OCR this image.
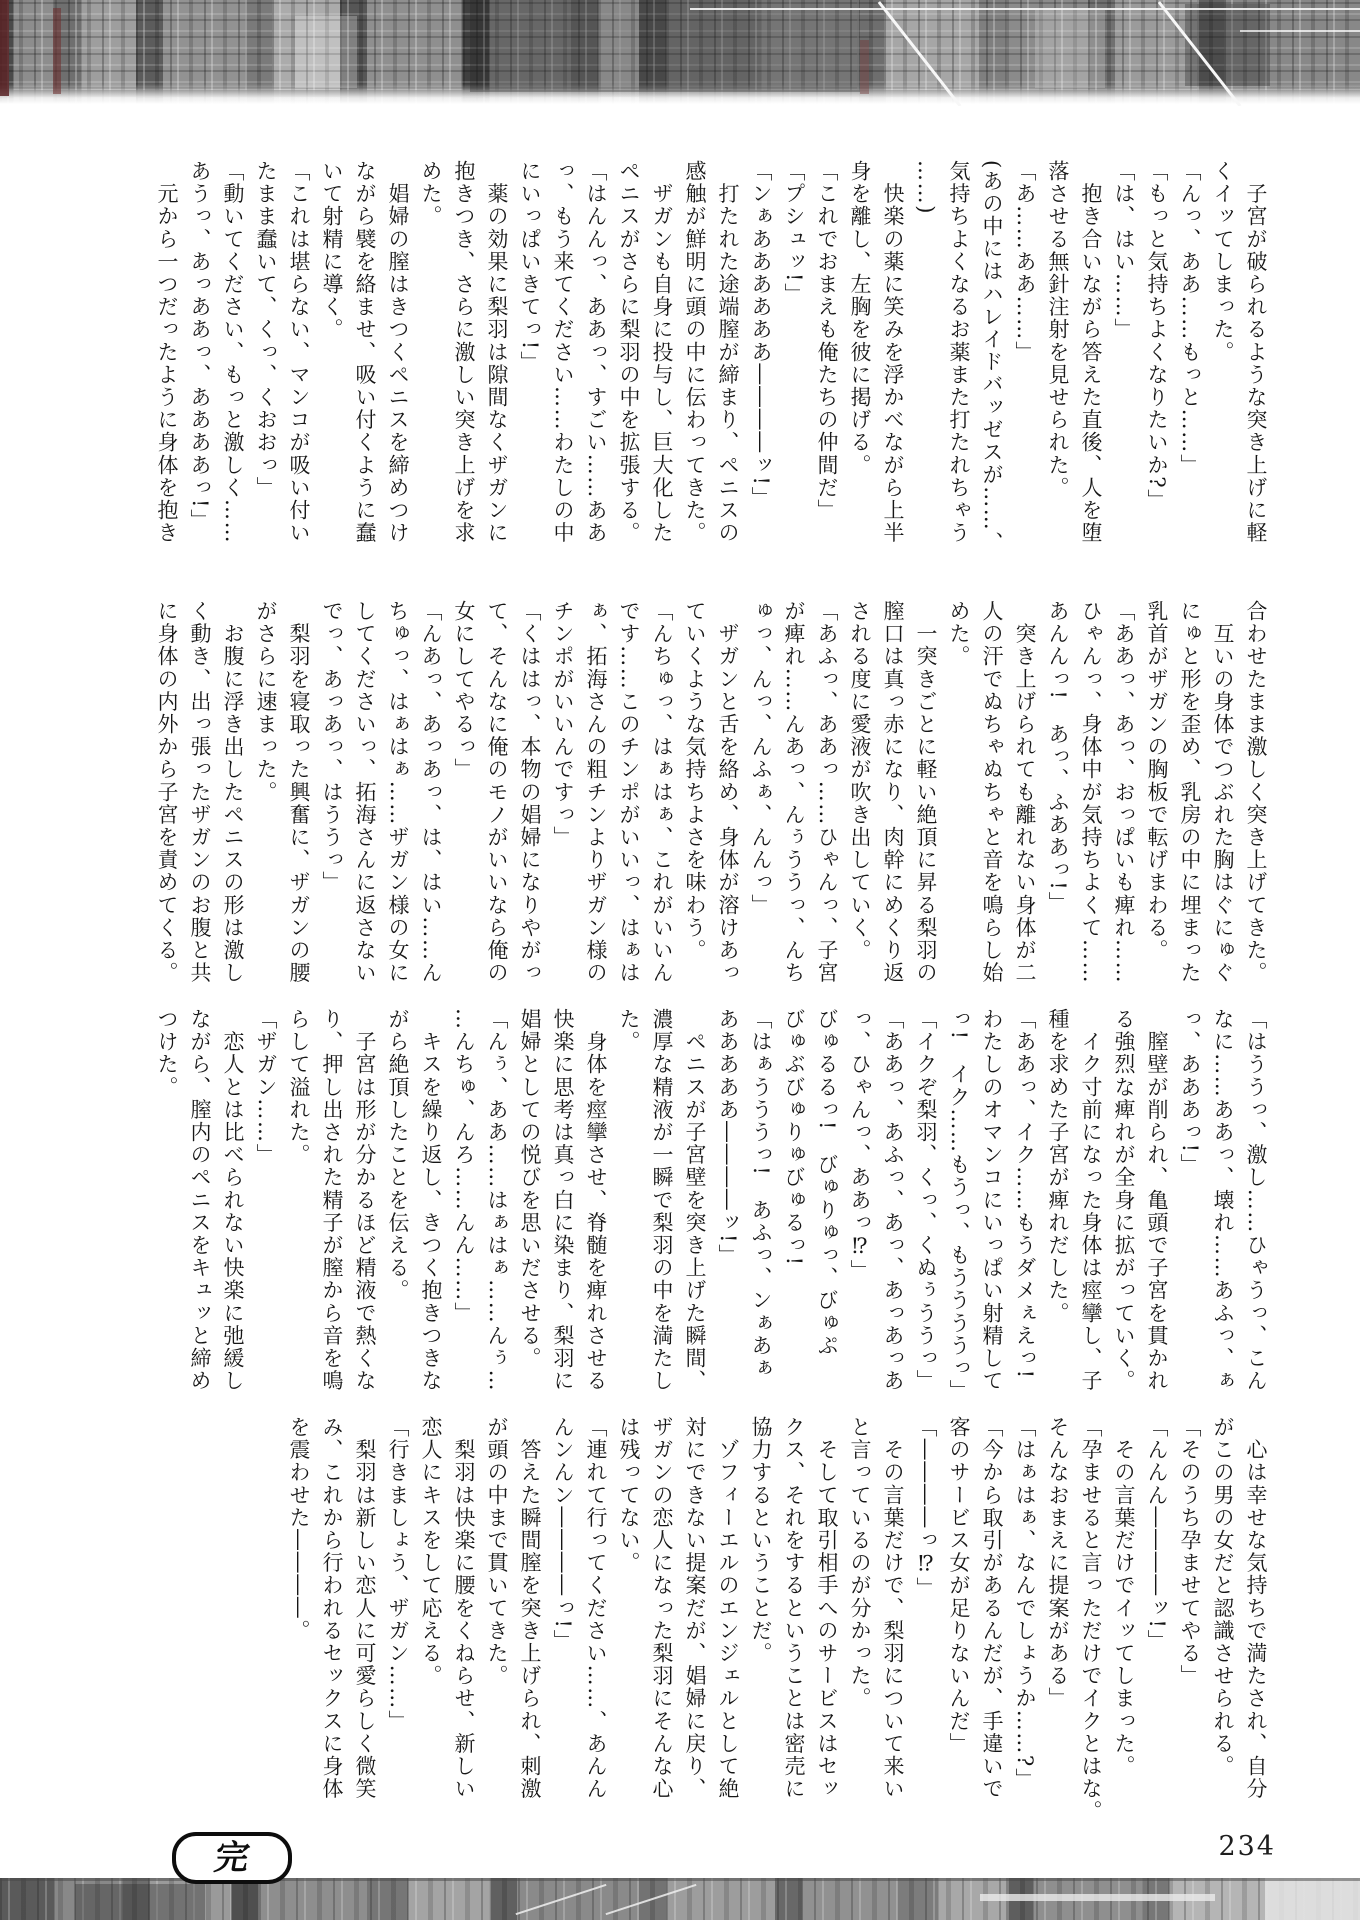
　子宮が破られるような突き上げに軽
くイッてしまった。
「んっ、ああ……もっと……」
「もっと気持ちよくなりたいか?」
「は、はい……」
　抱き合いながら答えた直後、人を堕
落させる無針注射を見せられた。
「あ……ああ……」
(あの中にはハレイドバッゼスが……、
気持ちよくなるお薬また打たれちゃう
……)
　快楽の薬に笑みを浮かべながら上半
身を離し、左胸を彼に掲げる。
「これでおまえも俺たちの仲間だ」
「プシュッ!」
「ンぁああああああ――――ッ!」
　打たれた途端膣が締まり、ペニスの
感触が鮮明に頭の中に伝わってきた。
　ザガンも自身に投与し、巨大化した
ペニスがさらに梨羽の中を拡張する。
「はんんっ、ああっ、すごい……ああ
っ、もう来てください……わたしの中
にいっぱいきてっ!」
　薬の効果に梨羽は隙間なくザガンに
抱きつき、さらに激しい突き上げを求
めた。
　娼婦の膣はきつくペニスを締めつけ
ながら襞を絡ませ、吸い付くように蠢
いて射精に導く。
「これは堪らない、マンコが吸い付い
たまま蠢いて、くっ、くおおっ」
「動いてください、もっと激しく……
あうっ、あっああっ、ああああっ!」
　元から一つだったように身体を抱き
合わせたまま激しく突き上げてきた。
　互いの身体でつぶれた胸はぐにゅぐ
にゅと形を歪め、乳房の中に埋まった
乳首がザガンの胸板で転げまわる。
「ああっ、あっ、おっぱいも痺れ……
ひゃんっ、身体中が気持ちよくて……
あんんっ!　あっ、ふああっ!」
　突き上げられても離れない身体が二
人の汗でぬちゃぬちゃと音を鳴らし始
めた。
　一突きごとに軽い絶頂に昇る梨羽の
膣口は真っ赤になり、肉幹にめくり返
される度に愛液が吹き出していく。
「あふっ、ああっ……ひゃんっ、子宮
が痺れ……んあっ、んぅううっ、んち
ゅっ、んっ、んふぁ、んんっ」
　ザガンと舌を絡め、身体が溶けあっ
ていくような気持ちよさを味わう。
「んちゅっ、はぁはぁ、これがいいん
です……このチンポがいいっ、はぁは
ぁ、拓海さんの粗チンよりザガン様の
チンポがいいんですっ」
「くははっ、本物の娼婦になりやがっ
て、そんなに俺のモノがいいなら俺の
女にしてやるっ」
「んあっ、あっあっ、は、はい……ん
ちゅっ、はぁはぁ……ザガン様の女に
してくださいっ、拓海さんに返さない
でっ、あっあっ、はううっ」
　梨羽を寝取った興奮に、ザガンの腰
がさらに速まった。
　お腹に浮き出したペニスの形は激し
く動き、出っ張ったザガンのお腹と共
に身体の内外から子宮を責めてくる。
「はううっ、激し……ひゃうっ、こん
なに……ああっ、壊れ……あふっ、ぁ
っ、あああっ!」
　膣壁が削られ、亀頭で子宮を貫かれ
る強烈な痺れが全身に拡がっていく。
　イク寸前になった身体は痙攣し、子
種を求めた子宮が痺れだした。
「ああっ、イク……もうダメぇえっ!
わたしのオマンコにいっぱい射精して
っ!　イク……もうっ、もううううっ」
「イクぞ梨羽、くっ、くぬぅううっ」
「ああっ、あふっ、あっ、あっあっあ
っ、ひゃんっ、ああっ⁉」
びゅるるっ!　びゅりゅっ、びゅぷ
びゅぶびゅりゅびゅるっ!
「はぁうううっ!　あふっ、ンぁあぁ
あああああ――――ッ!」
　ペニスが子宮壁を突き上げた瞬間、
濃厚な精液が一瞬で梨羽の中を満たし
た。
　身体を痙攣させ、脊髄を痺れさせる
快楽に思考は真っ白に染まり、梨羽に
娼婦としての悦びを思いださせる。
「んぅ、ああ……はぁはぁ……んぅ…
…んちゅ、んろ……んん……」
　キスを繰り返し、きつく抱きつきな
がら絶頂したことを伝える。
　子宮は形が分かるほど精液で熱くな
り、押し出された精子が膣から音を鳴
らして溢れた。
「ザガン……」
　恋人とは比べられない快楽に弛緩し
ながら、膣内のペニスをキュッと締め
つけた。
　心は幸せな気持ちで満たされ、自分
がこの男の女だと認識させられる。
「そのうち孕ませてやる」
「んんん――――ッ!」
　その言葉だけでイッてしまった。
「孕ませると言っただけでイクとはな。
そんなおまえに提案がある」
「はぁはぁ、なんでしょうか……?」
「今から取引があるんだが、手違いで
客のサービス女が足りないんだ」
「――――っ⁉」
　その言葉だけで、梨羽について来い
と言っているのが分かった。
　そして取引相手へのサービスはセッ
クス、それをするということは密売に
協力するということだ。
　ゾフィーエルのエンジェルとして絶
対にできない提案だが、娼婦に戻り、
ザガンの恋人になった梨羽にそんな心
は残ってない。
「連れて行ってください……、あんん
んンんン――――っ!」
　答えた瞬間膣を突き上げられ、刺激
が頭の中まで貫いてきた。
　梨羽は快楽に腰をくねらせ、新しい
恋人にキスをして応える。
「行きましょう、ザガン……」
　梨羽は新しい恋人に可愛らしく微笑
み、これから行われるセックスに身体
を震わせた――――。
完	234
